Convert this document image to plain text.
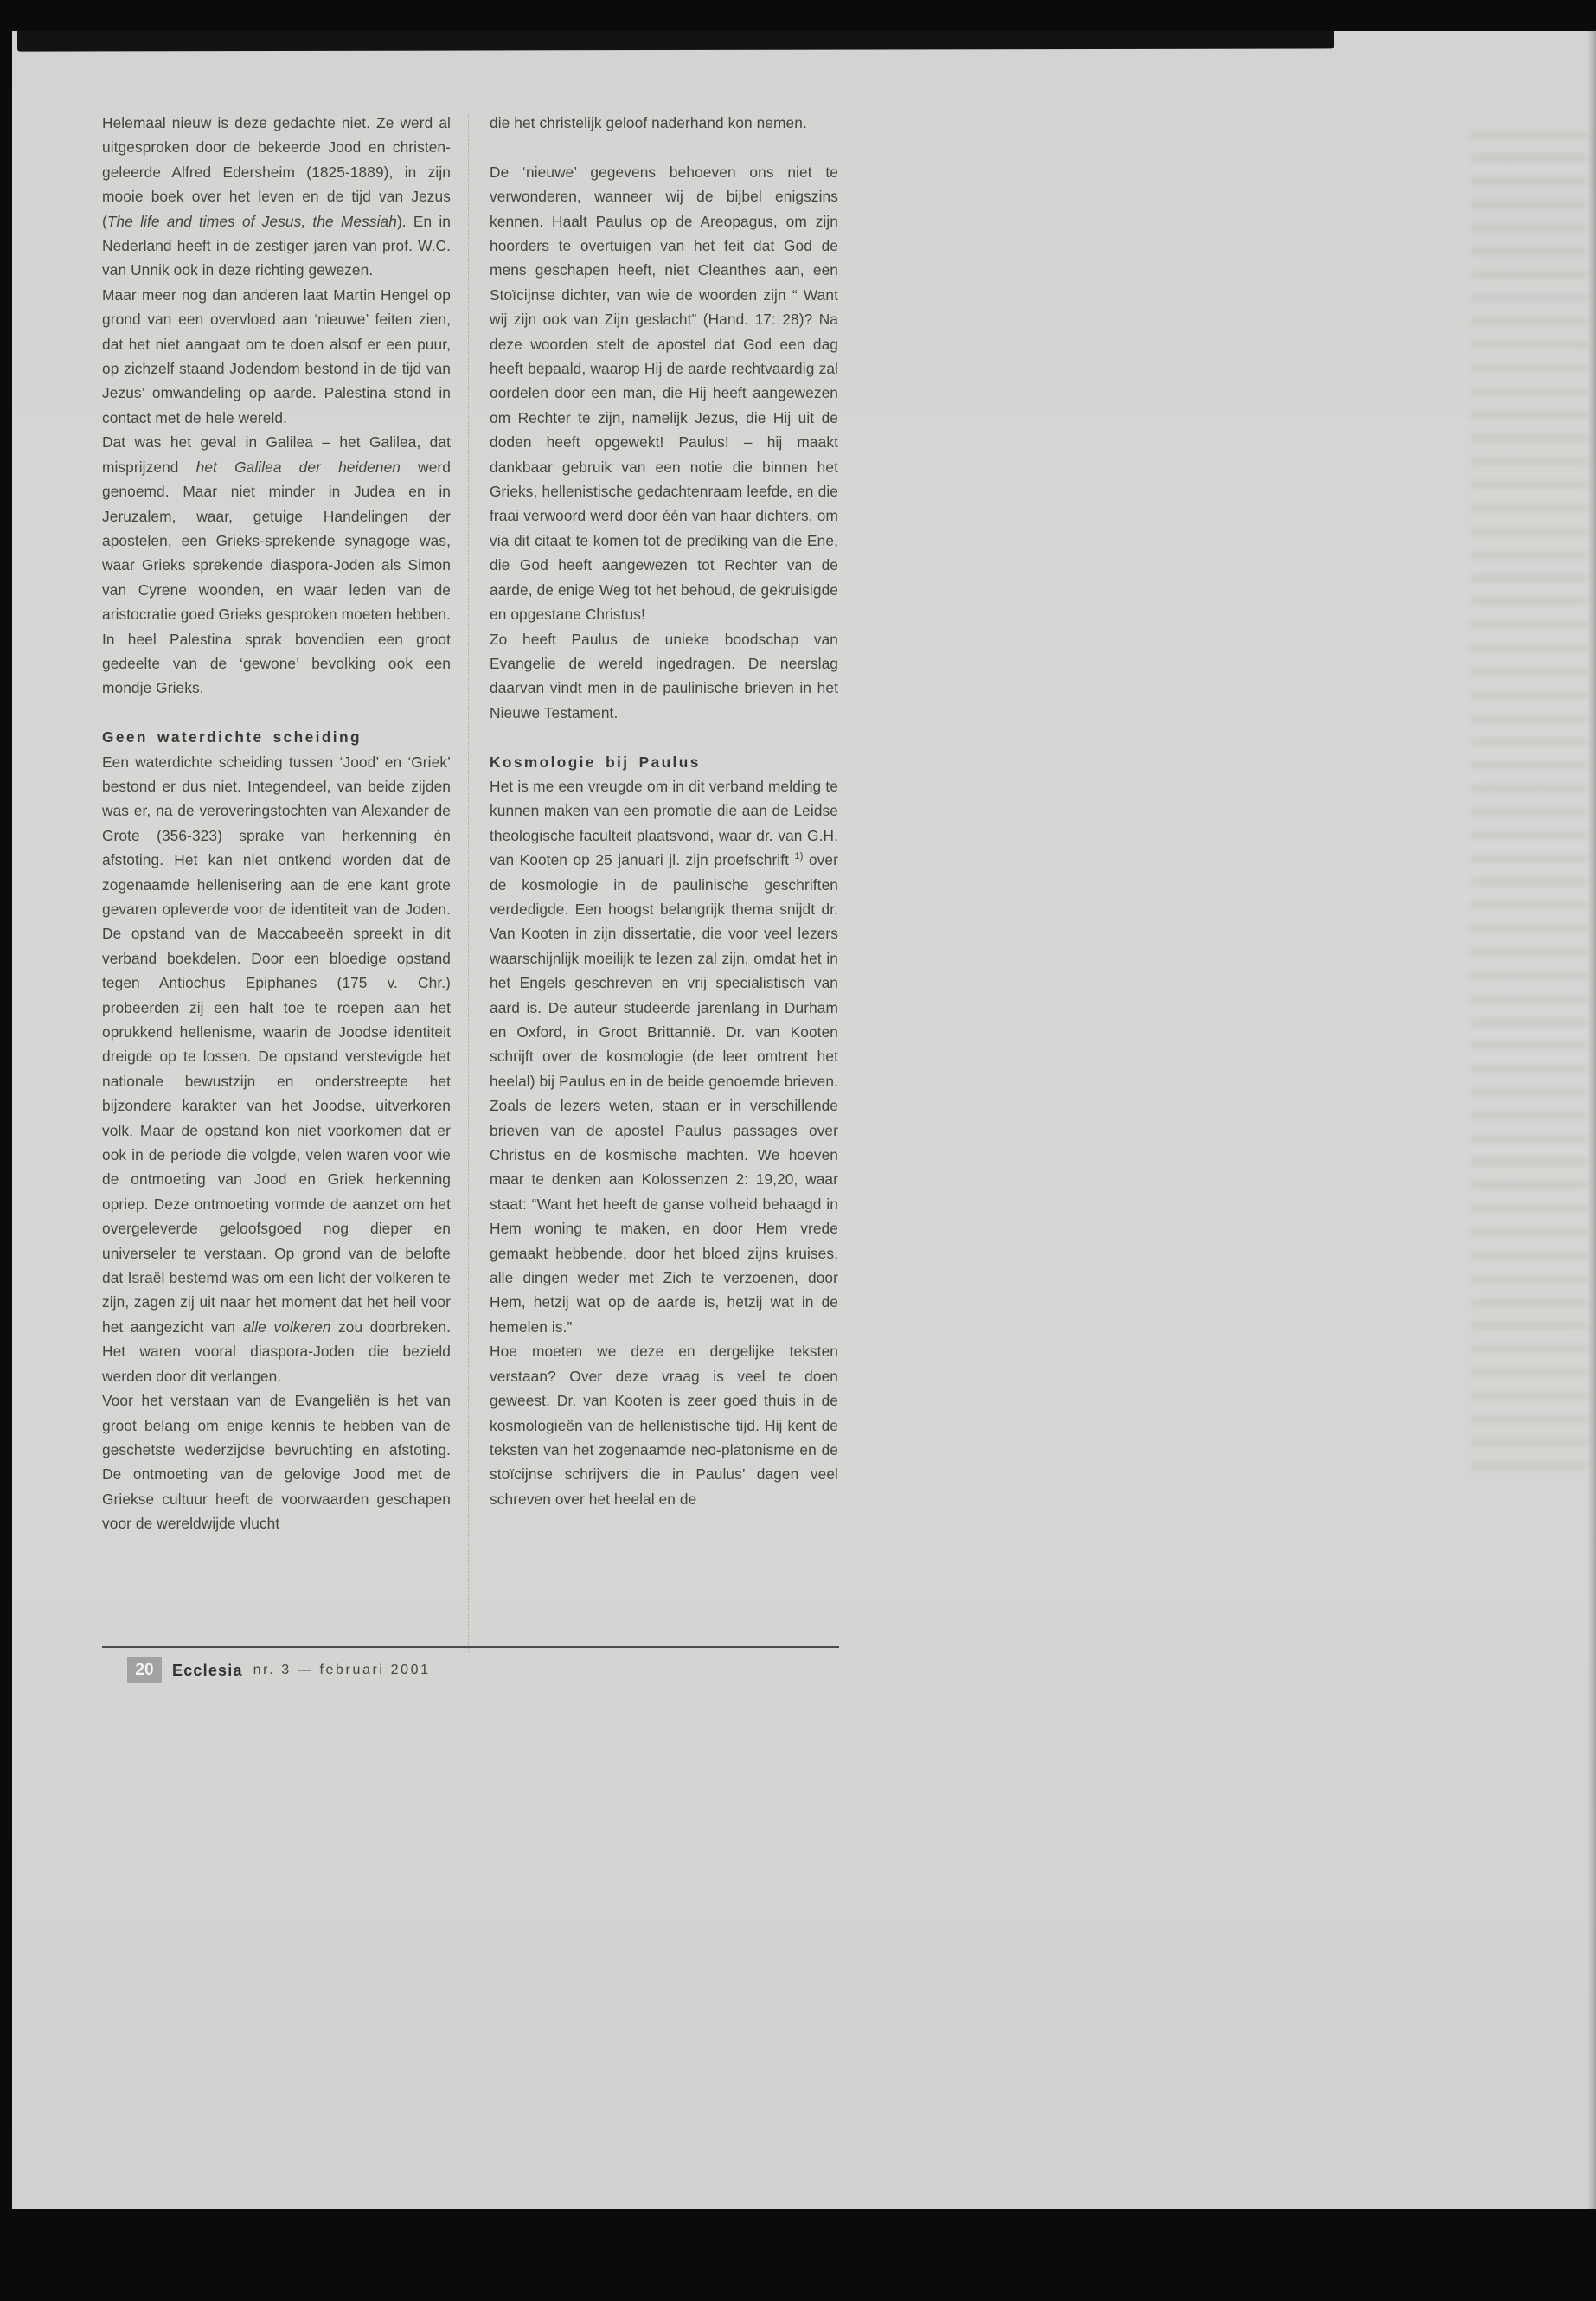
Helemaal nieuw is deze gedachte niet. Ze werd al uitgesproken door de bekeerde Jood en christen-geleerde Alfred Edersheim (1825-1889), in zijn mooie boek over het leven en de tijd van Jezus (The life and times of Jesus, the Messiah). En in Nederland heeft in de zestiger jaren van prof. W.C. van Unnik ook in deze richting gewezen.

Maar meer nog dan anderen laat Martin Hengel op grond van een overvloed aan ‘nieuwe’ feiten zien, dat het niet aangaat om te doen alsof er een puur, op zichzelf staand Jodendom bestond in de tijd van Jezus’ omwandeling op aarde. Palestina stond in contact met de hele wereld.

Dat was het geval in Galilea – het Galilea, dat misprijzend het Galilea der heidenen werd genoemd. Maar niet minder in Judea en in Jeruzalem, waar, getuige Handelingen der apostelen, een Grieks-sprekende synagoge was, waar Grieks sprekende diaspora-Joden als Simon van Cyrene woonden, en waar leden van de aristocratie goed Grieks gesproken moeten hebben. In heel Palestina sprak bovendien een groot gedeelte van de ‘gewone’ bevolking ook een mondje Grieks.

Geen waterdichte scheiding

Een waterdichte scheiding tussen ‘Jood’ en ‘Griek’ bestond er dus niet. Integendeel, van beide zijden was er, na de veroveringstochten van Alexander de Grote (356-323) sprake van herkenning èn afstoting. Het kan niet ontkend worden dat de zogenaamde hellenisering aan de ene kant grote gevaren opleverde voor de identiteit van de Joden. De opstand van de Maccabeeën spreekt in dit verband boekdelen. Door een bloedige opstand tegen Antiochus Epiphanes (175 v. Chr.) probeerden zij een halt toe te roepen aan het oprukkend hellenisme, waarin de Joodse identiteit dreigde op te lossen. De opstand verstevigde het nationale bewustzijn en onderstreepte het bijzondere karakter van het Joodse, uitverkoren volk. Maar de opstand kon niet voorkomen dat er ook in de periode die volgde, velen waren voor wie de ontmoeting van Jood en Griek herkenning opriep. Deze ontmoeting vormde de aanzet om het overgeleverde geloofsgoed nog dieper en universeler te verstaan. Op grond van de belofte dat Israël bestemd was om een licht der volkeren te zijn, zagen zij uit naar het moment dat het heil voor het aangezicht van alle volkeren zou doorbreken. Het waren vooral diaspora-Joden die bezield werden door dit verlangen.

Voor het verstaan van de Evangeliën is het van groot belang om enige kennis te hebben van de geschetste wederzijdse bevruchting en afstoting. De ontmoeting van de gelovige Jood met de Griekse cultuur heeft de voorwaarden geschapen voor de wereldwijde vlucht

die het christelijk geloof naderhand kon nemen.

De ‘nieuwe’ gegevens behoeven ons niet te verwonderen, wanneer wij de bijbel enigszins kennen. Haalt Paulus op de Areopagus, om zijn hoorders te overtuigen van het feit dat God de mens geschapen heeft, niet Cleanthes aan, een Stoïcijnse dichter, van wie de woorden zijn “ Want wij zijn ook van Zijn geslacht” (Hand. 17: 28)? Na deze woorden stelt de apostel dat God een dag heeft bepaald, waarop Hij de aarde rechtvaardig zal oordelen door een man, die Hij heeft aangewezen om Rechter te zijn, namelijk Jezus, die Hij uit de doden heeft opgewekt! Paulus! – hij maakt dankbaar gebruik van een notie die binnen het Grieks, hellenistische gedachtenraam leefde, en die fraai verwoord werd door één van haar dichters, om via dit citaat te komen tot de prediking van die Ene, die God heeft aangewezen tot Rechter van de aarde, de enige Weg tot het behoud, de gekruisigde en opgestane Christus!

Zo heeft Paulus de unieke boodschap van Evangelie de wereld ingedragen. De neerslag daarvan vindt men in de paulinische brieven in het Nieuwe Testament.

Kosmologie bij Paulus

Het is me een vreugde om in dit verband melding te kunnen maken van een promotie die aan de Leidse theologische faculteit plaatsvond, waar dr. van G.H. van Kooten op 25 januari jl. zijn proefschrift $^{1)}$ over de kosmologie in de paulinische geschriften verdedigde. Een hoogst belangrijk thema snijdt dr. Van Kooten in zijn dissertatie, die voor veel lezers waarschijnlijk moeilijk te lezen zal zijn, omdat het in het Engels geschreven en vrij specialistisch van aard is. De auteur studeerde jarenlang in Durham en Oxford, in Groot Brittannië. Dr. van Kooten schrijft over de kosmologie (de leer omtrent het heelal) bij Paulus en in de beide genoemde brieven. Zoals de lezers weten, staan er in verschillende brieven van de apostel Paulus passages over Christus en de kosmische machten. We hoeven maar te denken aan Kolossenzen 2: 19,20, waar staat: “Want het heeft de ganse volheid behaagd in Hem woning te maken, en door Hem vrede gemaakt hebbende, door het bloed zijns kruises, alle dingen weder met Zich te verzoenen, door Hem, hetzij wat op de aarde is, hetzij wat in de hemelen is.”

Hoe moeten we deze en dergelijke teksten verstaan? Over deze vraag is veel te doen geweest. Dr. van Kooten is zeer goed thuis in de kosmologieën van de hellenistische tijd. Hij kent de teksten van het zogenaamde neo-platonisme en de stoïcijnse schrijvers die in Paulus’ dagen veel schreven over het heelal en de

20	Ecclesia nr. 3 — februari 2001
